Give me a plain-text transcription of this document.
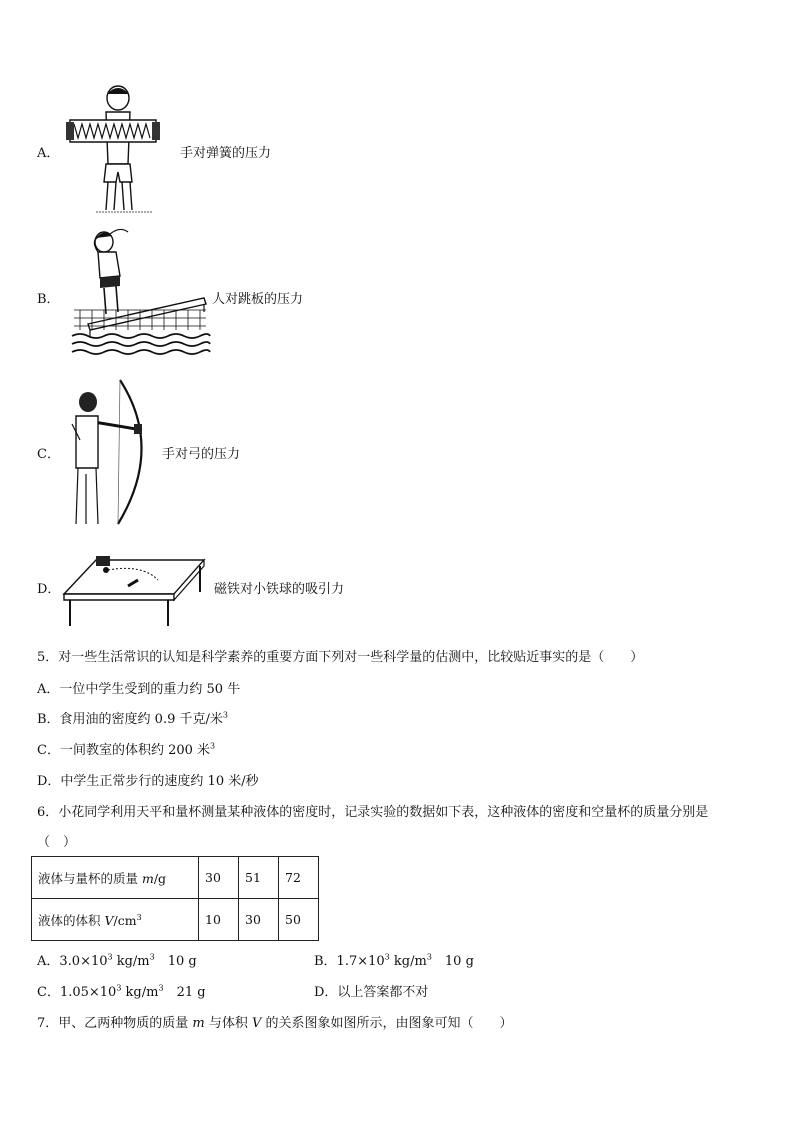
A．	手对弹簧的压力
B．	人对跳板的压力
C．	手对弓的压力
D．	磁铁对小铁球的吸引力
5．对一些生活常识的认知是科学素养的重要方面下列对一些科学量的估测中，比较贴近事实的是（　　）
A．一位中学生受到的重力约 50 牛
B．食用油的密度约 0.9 千克/米$^3$
C．一间教室的体积约 200 米$^3$
D．中学生正常步行的速度约 10 米/秒
6．小花同学利用天平和量杯测量某种液体的密度时，记录实验的数据如下表，这种液体的密度和空量杯的质量分别是
（　）
液体与量杯的质量 m/g	30	51	72
液体的体积 $V/cm^3$	10	30	50
A．$3.0\times 10^3$ $kg/m^3$　10 g	B．$1.7\times 10^3$ $kg/m^3$　10 g
C．$1.05\times 10^3$ $kg/m^3$　21 g	D．以上答案都不对
7．甲、乙两种物质的质量 m 与体积 V 的关系图象如图所示，由图象可知（　　）
